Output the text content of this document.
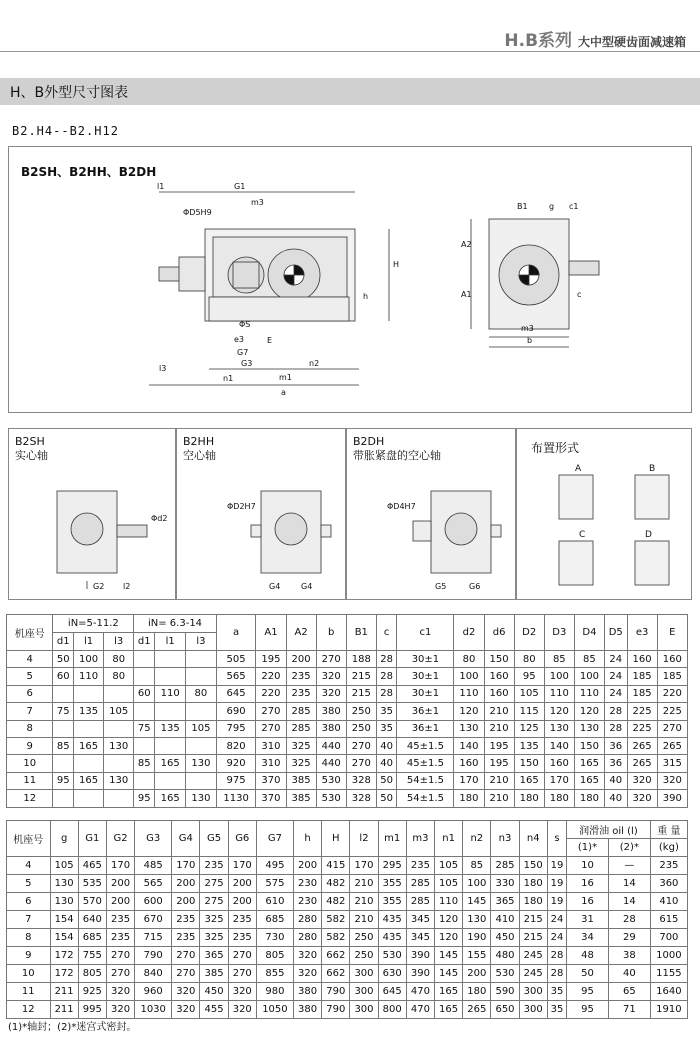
H.B系列 大中型硬齿面减速箱
H、B外型尺寸图表
B2.H4--B2.H12
B2SH、B2HH、B2DH
G1
m3
ΦD5H9
l1
e3	E
G7
G3	n2
n1	m1
a
l3
ΦS
H
h
B1	g c1
A2
A1
m3
b
c
B2SH
实心轴
G2 l2
Φd2
B2HH
空心轴
G4	G4
ΦD2H7
B2DH
带胀紧盘的空心轴
G5	G6
ΦD4H7
布置形式
A	B
C	D
机座号	iN=5-11.2			iN= 6.3-14			a	A1	A2	b	B1	c	c1	d2	d6	D2	D3	D4	D5	e3	E
	d1	l1	l3	d1	l1	l3															
4	50	100	80				505	195	200	270	188	28	30±1	80	150	80	85	85	24	160	160
5	60	110	80				565	220	235	320	215	28	30±1	100	160	95	100	100	24	185	185
6				60	110	80	645	220	235	320	215	28	30±1	110	160	105	110	110	24	185	220
7	75	135	105				690	270	285	380	250	35	36±1	120	210	115	120	120	28	225	225
8				75	135	105	795	270	285	380	250	35	36±1	130	210	125	130	130	28	225	270
9	85	165	130				820	310	325	440	270	40	45±1.5	140	195	135	140	150	36	265	265
10				85	165	130	920	310	325	440	270	40	45±1.5	160	195	150	160	165	36	265	315
11	95	165	130				975	370	385	530	328	50	54±1.5	170	210	165	170	165	40	320	320
12				95	165	130	1130	370	385	530	328	50	54±1.5	180	210	180	180	180	40	320	390
机座号	g	G1	G2	G3	G4	G5	G6	G7	h	H	l2	m1	m3	n1	n2	n3	n4	s	润滑油 oil (l)		重 量
																			(1)*	(2)*	(kg)
4	105	465	170	485	170	235	170	495	200	415	170	295	235	105	85	285	150	19	10	—	235
5	130	535	200	565	200	275	200	575	230	482	210	355	285	105	100	330	180	19	16	14	360
6	130	570	200	600	200	275	200	610	230	482	210	355	285	110	145	365	180	19	16	14	410
7	154	640	235	670	235	325	235	685	280	582	210	435	345	120	130	410	215	24	31	28	615
8	154	685	235	715	235	325	235	730	280	582	250	435	345	120	190	450	215	24	34	29	700
9	172	755	270	790	270	365	270	805	320	662	250	530	390	145	155	480	245	28	48	38	1000
10	172	805	270	840	270	385	270	855	320	662	300	630	390	145	200	530	245	28	50	40	1155
11	211	925	320	960	320	450	320	980	380	790	300	645	470	165	180	590	300	35	95	65	1640
12	211	995	320	1030	320	455	320	1050	380	790	300	800	470	165	265	650	300	35	95	71	1910
(1)*轴封；(2)*迷宫式密封。
